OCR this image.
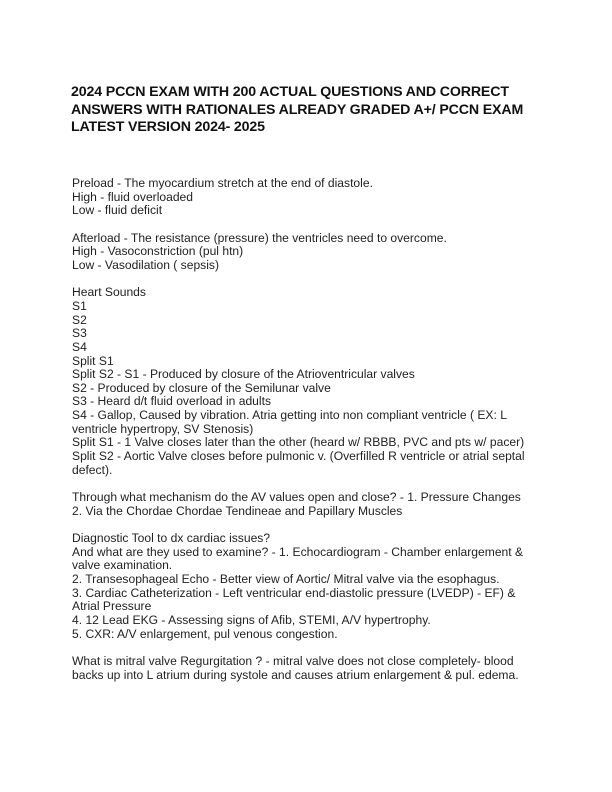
2024 PCCN EXAM WITH 200 ACTUAL QUESTIONS AND CORRECT
ANSWERS WITH RATIONALES ALREADY GRADED A+/ PCCN EXAM
LATEST VERSION 2024- 2025
Preload - The myocardium stretch at the end of diastole.
High - fluid overloaded
Low - fluid deficit
Afterload - The resistance (pressure) the ventricles need to overcome.
High - Vasoconstriction (pul htn)
Low - Vasodilation ( sepsis)
Heart Sounds
S1
S2
S3
S4
Split S1
Split S2 - S1 - Produced by closure of the Atrioventricular valves
S2 - Produced by closure of the Semilunar valve
S3 - Heard d/t fluid overload in adults
S4 - Gallop, Caused by vibration. Atria getting into non compliant ventricle ( EX: L
ventricle hypertropy, SV Stenosis)
Split S1 - 1 Valve closes later than the other (heard w/ RBBB, PVC and pts w/ pacer)
Split S2 - Aortic Valve closes before pulmonic v. (Overfilled R ventricle or atrial septal
defect).
Through what mechanism do the AV values open and close? - 1. Pressure Changes
2. Via the Chordae Chordae Tendineae and Papillary Muscles
Diagnostic Tool to dx cardiac issues?
And what are they used to examine? - 1. Echocardiogram - Chamber enlargement &
valve examination.
2. Transesophageal Echo - Better view of Aortic/ Mitral valve via the esophagus.
3. Cardiac Catheterization - Left ventricular end-diastolic pressure (LVEDP) - EF) &
Atrial Pressure
4. 12 Lead EKG - Assessing signs of Afib, STEMI, A/V hypertrophy.
5. CXR: A/V enlargement, pul venous congestion.
What is mitral valve Regurgitation ? - mitral valve does not close completely- blood
backs up into L atrium during systole and causes atrium enlargement & pul. edema.
